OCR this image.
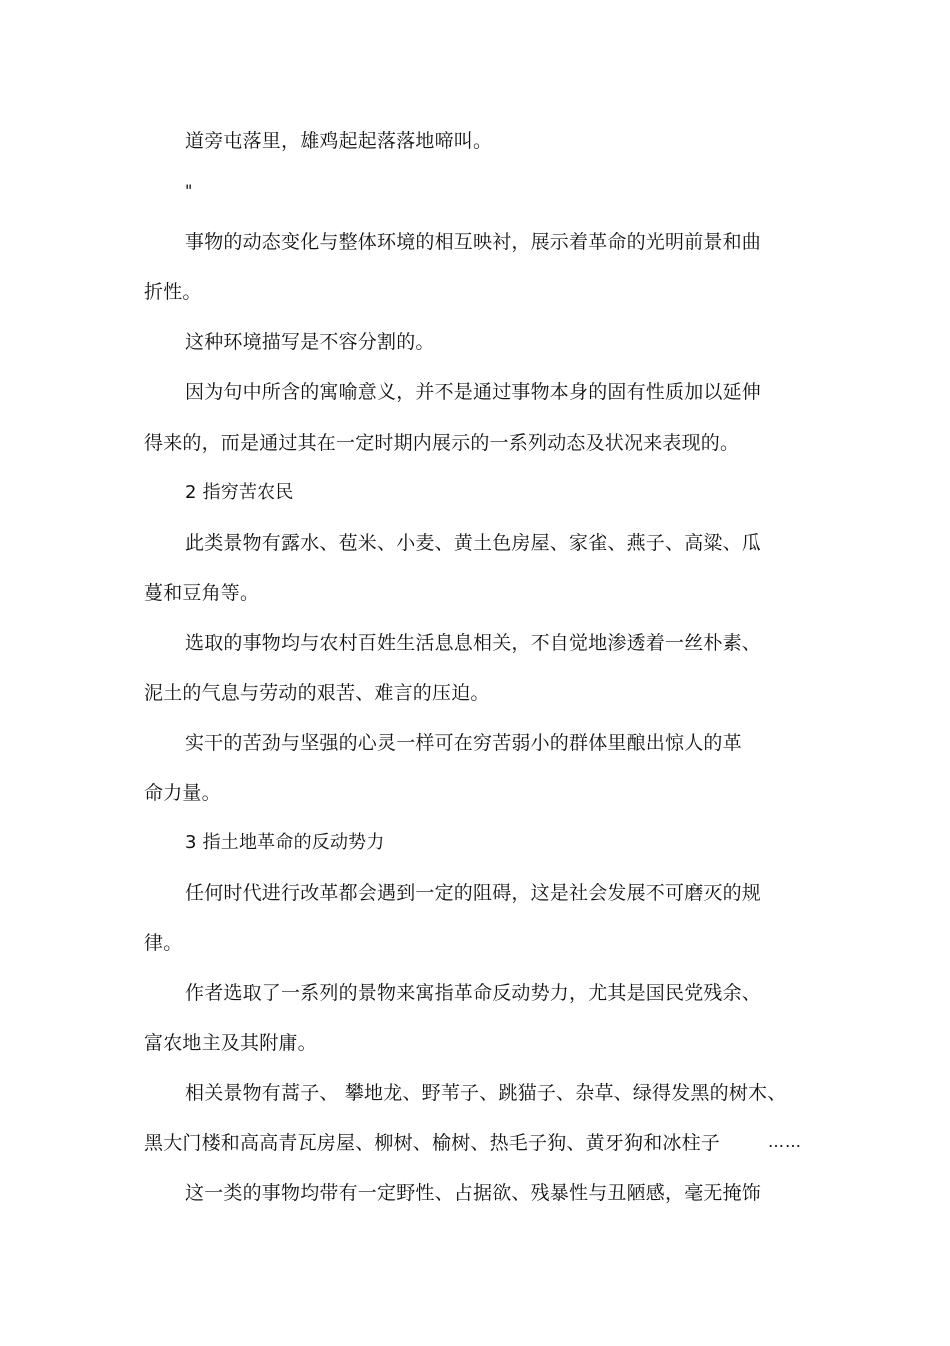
道旁屯落里，雄鸡起起落落地啼叫。
"
事物的动态变化与整体环境的相互映衬，展示着革命的光明前景和曲
折性。
这种环境描写是不容分割的。
因为句中所含的寓喻意义，并不是通过事物本身的固有性质加以延伸
得来的，而是通过其在一定时期内展示的一系列动态及状况来表现的。
2 指穷苦农民
此类景物有露水、苞米、小麦、黄土色房屋、家雀、燕子、高粱、瓜
蔓和豆角等。
选取的事物均与农村百姓生活息息相关，不自觉地渗透着一丝朴素、
泥土的气息与劳动的艰苦、难言的压迫。
实干的苦劲与坚强的心灵一样可在穷苦弱小的群体里酿出惊人的革
命力量。
3 指土地革命的反动势力
任何时代进行改革都会遇到一定的阻碍，这是社会发展不可磨灭的规
律。
作者选取了一系列的景物来寓指革命反动势力，尤其是国民党残余、
富农地主及其附庸。
相关景物有蒿子、 攀地龙、野苇子、跳猫子、杂草、绿得发黑的树木、
黑大门楼和高高青瓦房屋、柳树、榆树、热毛子狗、黄牙狗和冰柱子	……
这一类的事物均带有一定野性、占据欲、残暴性与丑陋感，毫无掩饰
